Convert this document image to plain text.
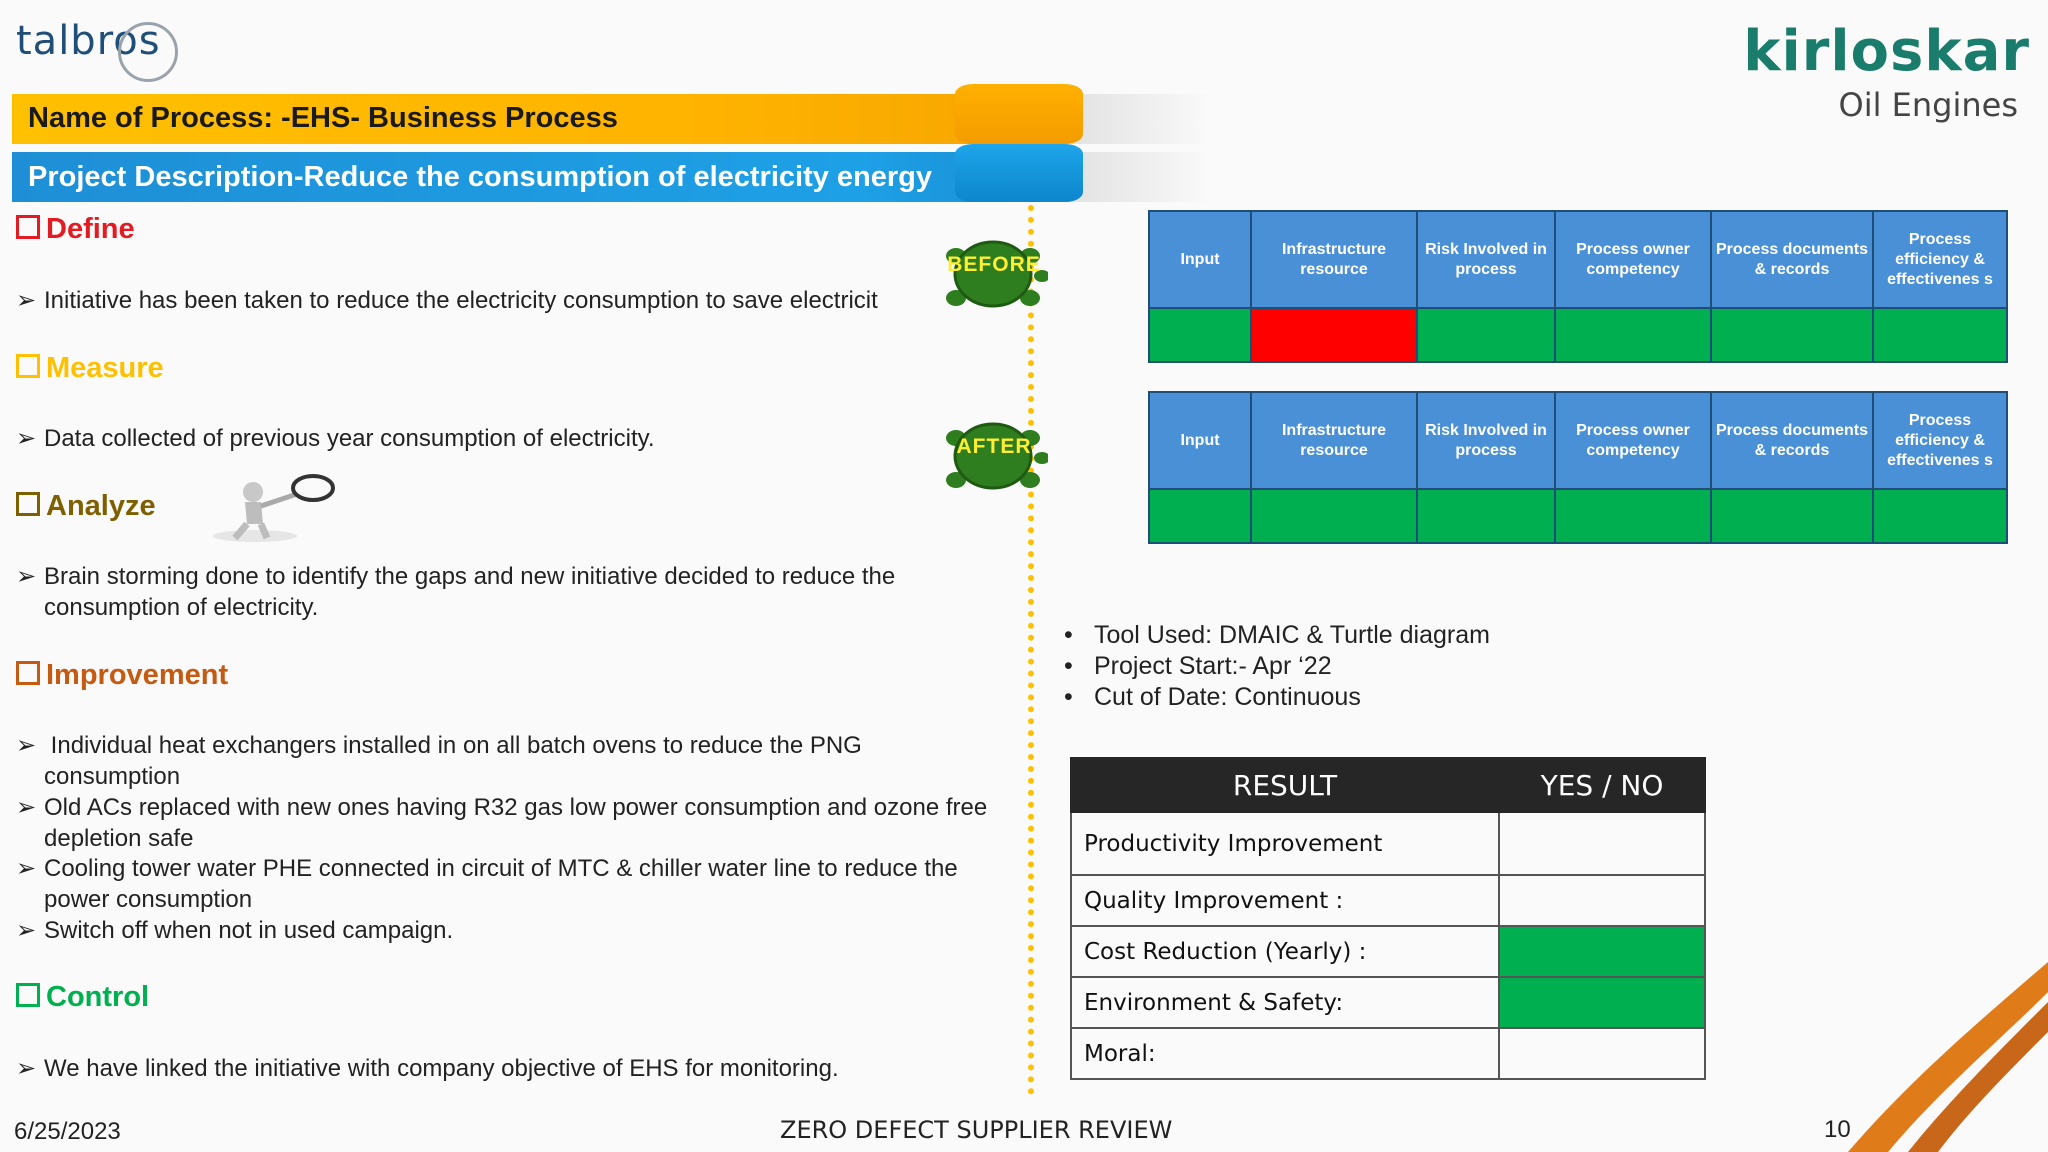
talbros	kirloskar
Oil Engines
Name of Process: -EHS- Business Process
Project Description-Reduce the consumption of electricity energy
Define
➢ Initiative has been taken to reduce the electricity consumption to save electricit
Measure
➢ Data collected of previous year consumption of electricity.
Analyze
➢ Brain storming done to identify the gaps and new initiative decided to reduce the consumption of electricity.
Improvement
➢ Individual heat exchangers installed in on all batch ovens to reduce the PNG consumption
➢ Old ACs replaced with new ones having R32 gas low power consumption and ozone free depletion safe
➢ Cooling tower water PHE connected in circuit of MTC & chiller water line to reduce the power consumption
➢ Switch off when not in used campaign.
Control
➢ We have linked the initiative with company objective of EHS for monitoring.
BEFORE
AFTER
Input	Infrastructure resource	Risk Involved in process	Process owner competency	Process documents & records	Process efficiency & effectivenes s

Input	Infrastructure resource	Risk Involved in process	Process owner competency	Process documents & records	Process efficiency & effectivenes s

• Tool Used: DMAIC & Turtle diagram
• Project Start:- Apr ‘22
• Cut of Date: Continuous
RESULT	YES / NO
Productivity Improvement	
Quality Improvement :	
Cost Reduction (Yearly) :	
Environment & Safety:	
Moral:	
6/25/2023	ZERO DEFECT SUPPLIER REVIEW	10
